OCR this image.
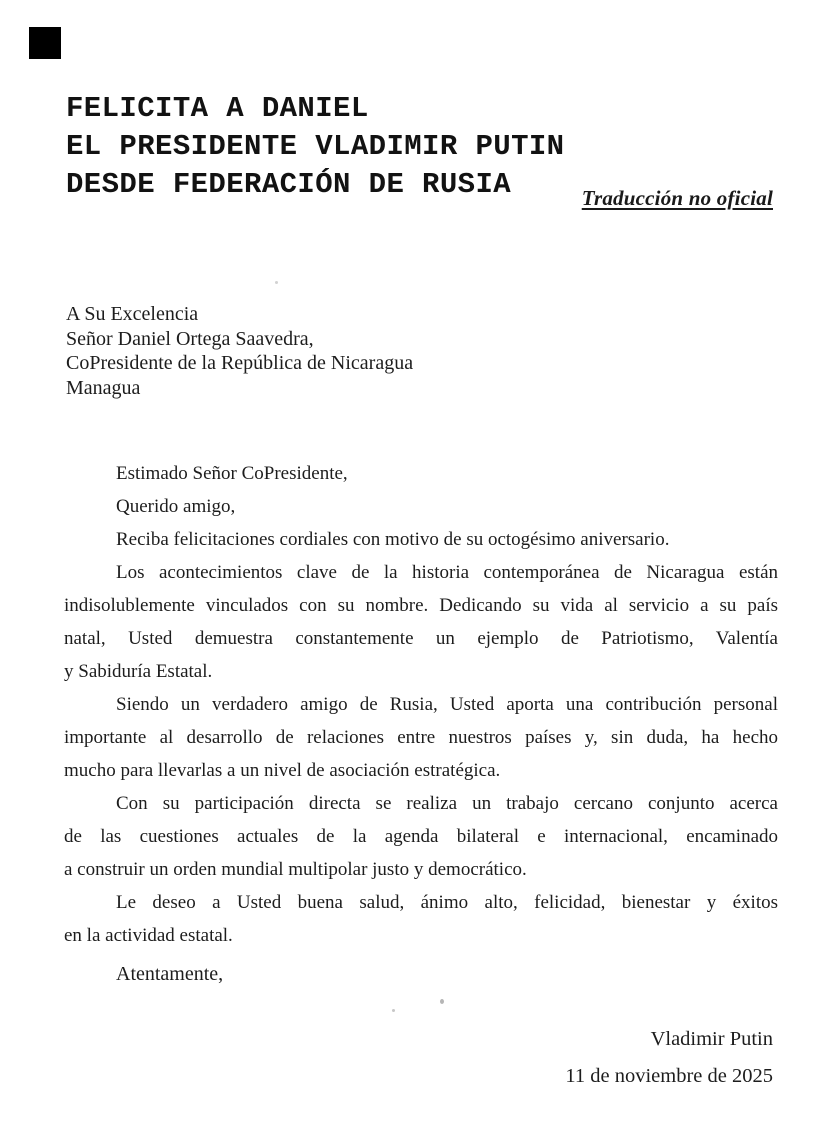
FELICITA A DANIEL
EL PRESIDENTE VLADIMIR PUTIN
DESDE FEDERACIÓN DE RUSIA	Traducción no oficial
A Su Excelencia
Señor Daniel Ortega Saavedra,
CoPresidente de la República de Nicaragua
Managua
Estimado Señor CoPresidente,
Querido amigo,
Reciba felicitaciones cordiales con motivo de su octogésimo aniversario.
Los acontecimientos clave de la historia contemporánea de Nicaragua están
indisolublemente vinculados con su nombre. Dedicando su vida al servicio a su país
natal, Usted demuestra constantemente un ejemplo de Patriotismo, Valentía
y Sabiduría Estatal.
Siendo un verdadero amigo de Rusia, Usted aporta una contribución personal
importante al desarrollo de relaciones entre nuestros países y, sin duda, ha hecho
mucho para llevarlas a un nivel de asociación estratégica.
Con su participación directa se realiza un trabajo cercano conjunto acerca
de las cuestiones actuales de la agenda bilateral e internacional, encaminado
a construir un orden mundial multipolar justo y democrático.
Le deseo a Usted buena salud, ánimo alto, felicidad, bienestar y éxitos
en la actividad estatal.
Atentamente,
Vladimir Putin
11 de noviembre de 2025
